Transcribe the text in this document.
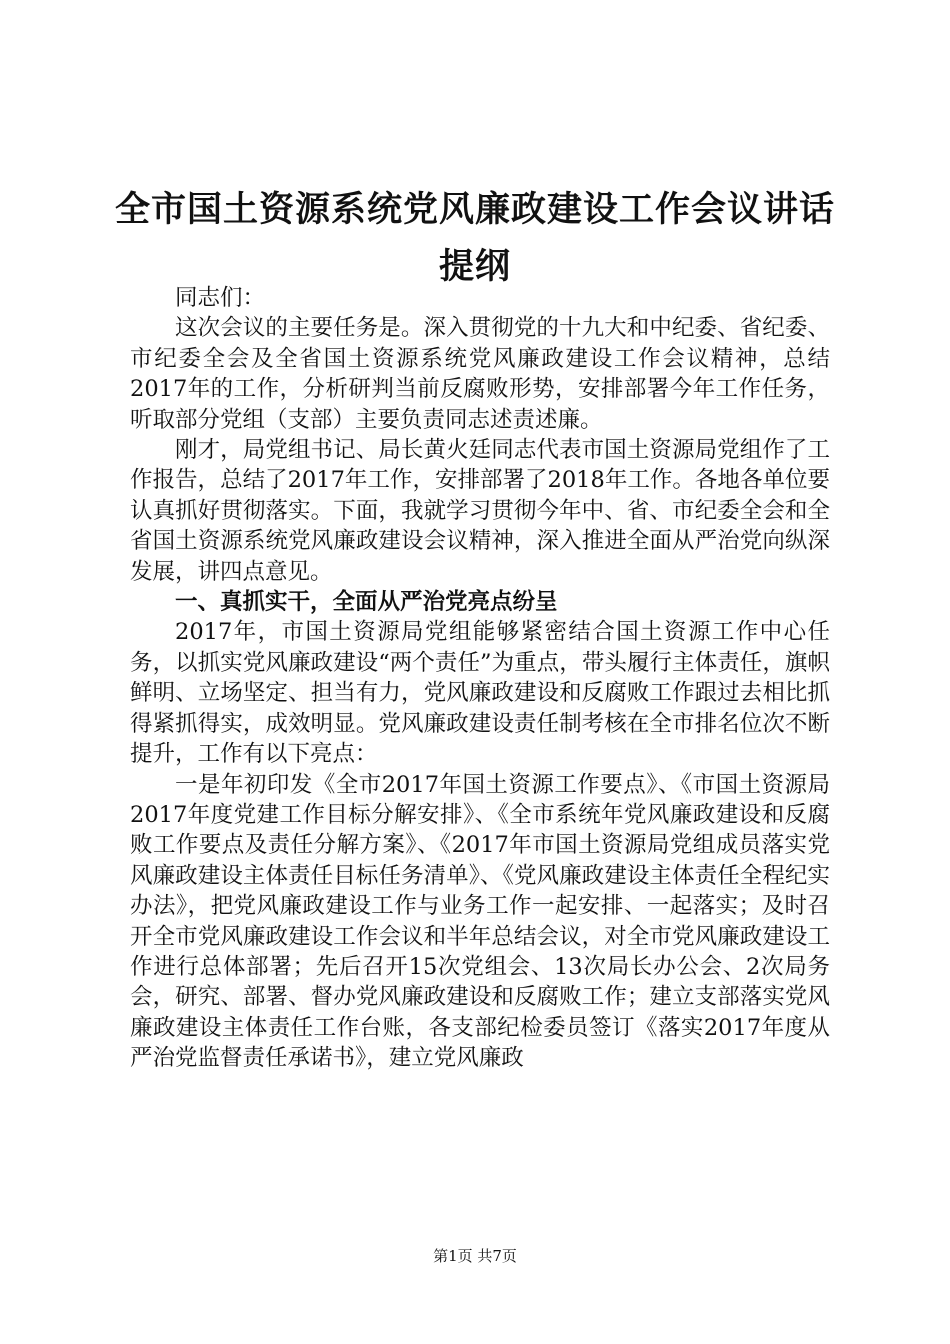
全市国土资源系统党风廉政建设工作会议讲话
提纲

同志们：

这次会议的主要任务是。深入贯彻党的十九大和中纪委、省纪委、市纪委全会及全省国土资源系统党风廉政建设工作会议精神，总结2017年的工作，分析研判当前反腐败形势，安排部署今年工作任务，听取部分党组（支部）主要负责同志述责述廉。

刚才，局党组书记、局长黄火廷同志代表市国土资源局党组作了工作报告，总结了2017年工作，安排部署了2018年工作。各地各单位要认真抓好贯彻落实。下面，我就学习贯彻今年中、省、市纪委全会和全省国土资源系统党风廉政建设会议精神，深入推进全面从严治党向纵深发展，讲四点意见。

一、真抓实干，全面从严治党亮点纷呈

2017年，市国土资源局党组能够紧密结合国土资源工作中心任务，以抓实党风廉政建设“两个责任”为重点，带头履行主体责任，旗帜鲜明、立场坚定、担当有力，党风廉政建设和反腐败工作跟过去相比抓得紧抓得实，成效明显。党风廉政建设责任制考核在全市排名位次不断提升，工作有以下亮点：

一是年初印发《全市2017年国土资源工作要点》、《市国土资源局2017年度党建工作目标分解安排》、《全市系统年党风廉政建设和反腐败工作要点及责任分解方案》、《2017年市国土资源局党组成员落实党风廉政建设主体责任目标任务清单》、《党风廉政建设主体责任全程纪实办法》，把党风廉政建设工作与业务工作一起安排、一起落实；及时召开全市党风廉政建设工作会议和半年总结会议，对全市党风廉政建设工作进行总体部署；先后召开15次党组会、13次局长办公会、2次局务会，研究、部署、督办党风廉政建设和反腐败工作；建立支部落实党风廉政建设主体责任工作台账，各支部纪检委员签订《落实2017年度从严治党监督责任承诺书》，建立党风廉政

第1页 共7页
